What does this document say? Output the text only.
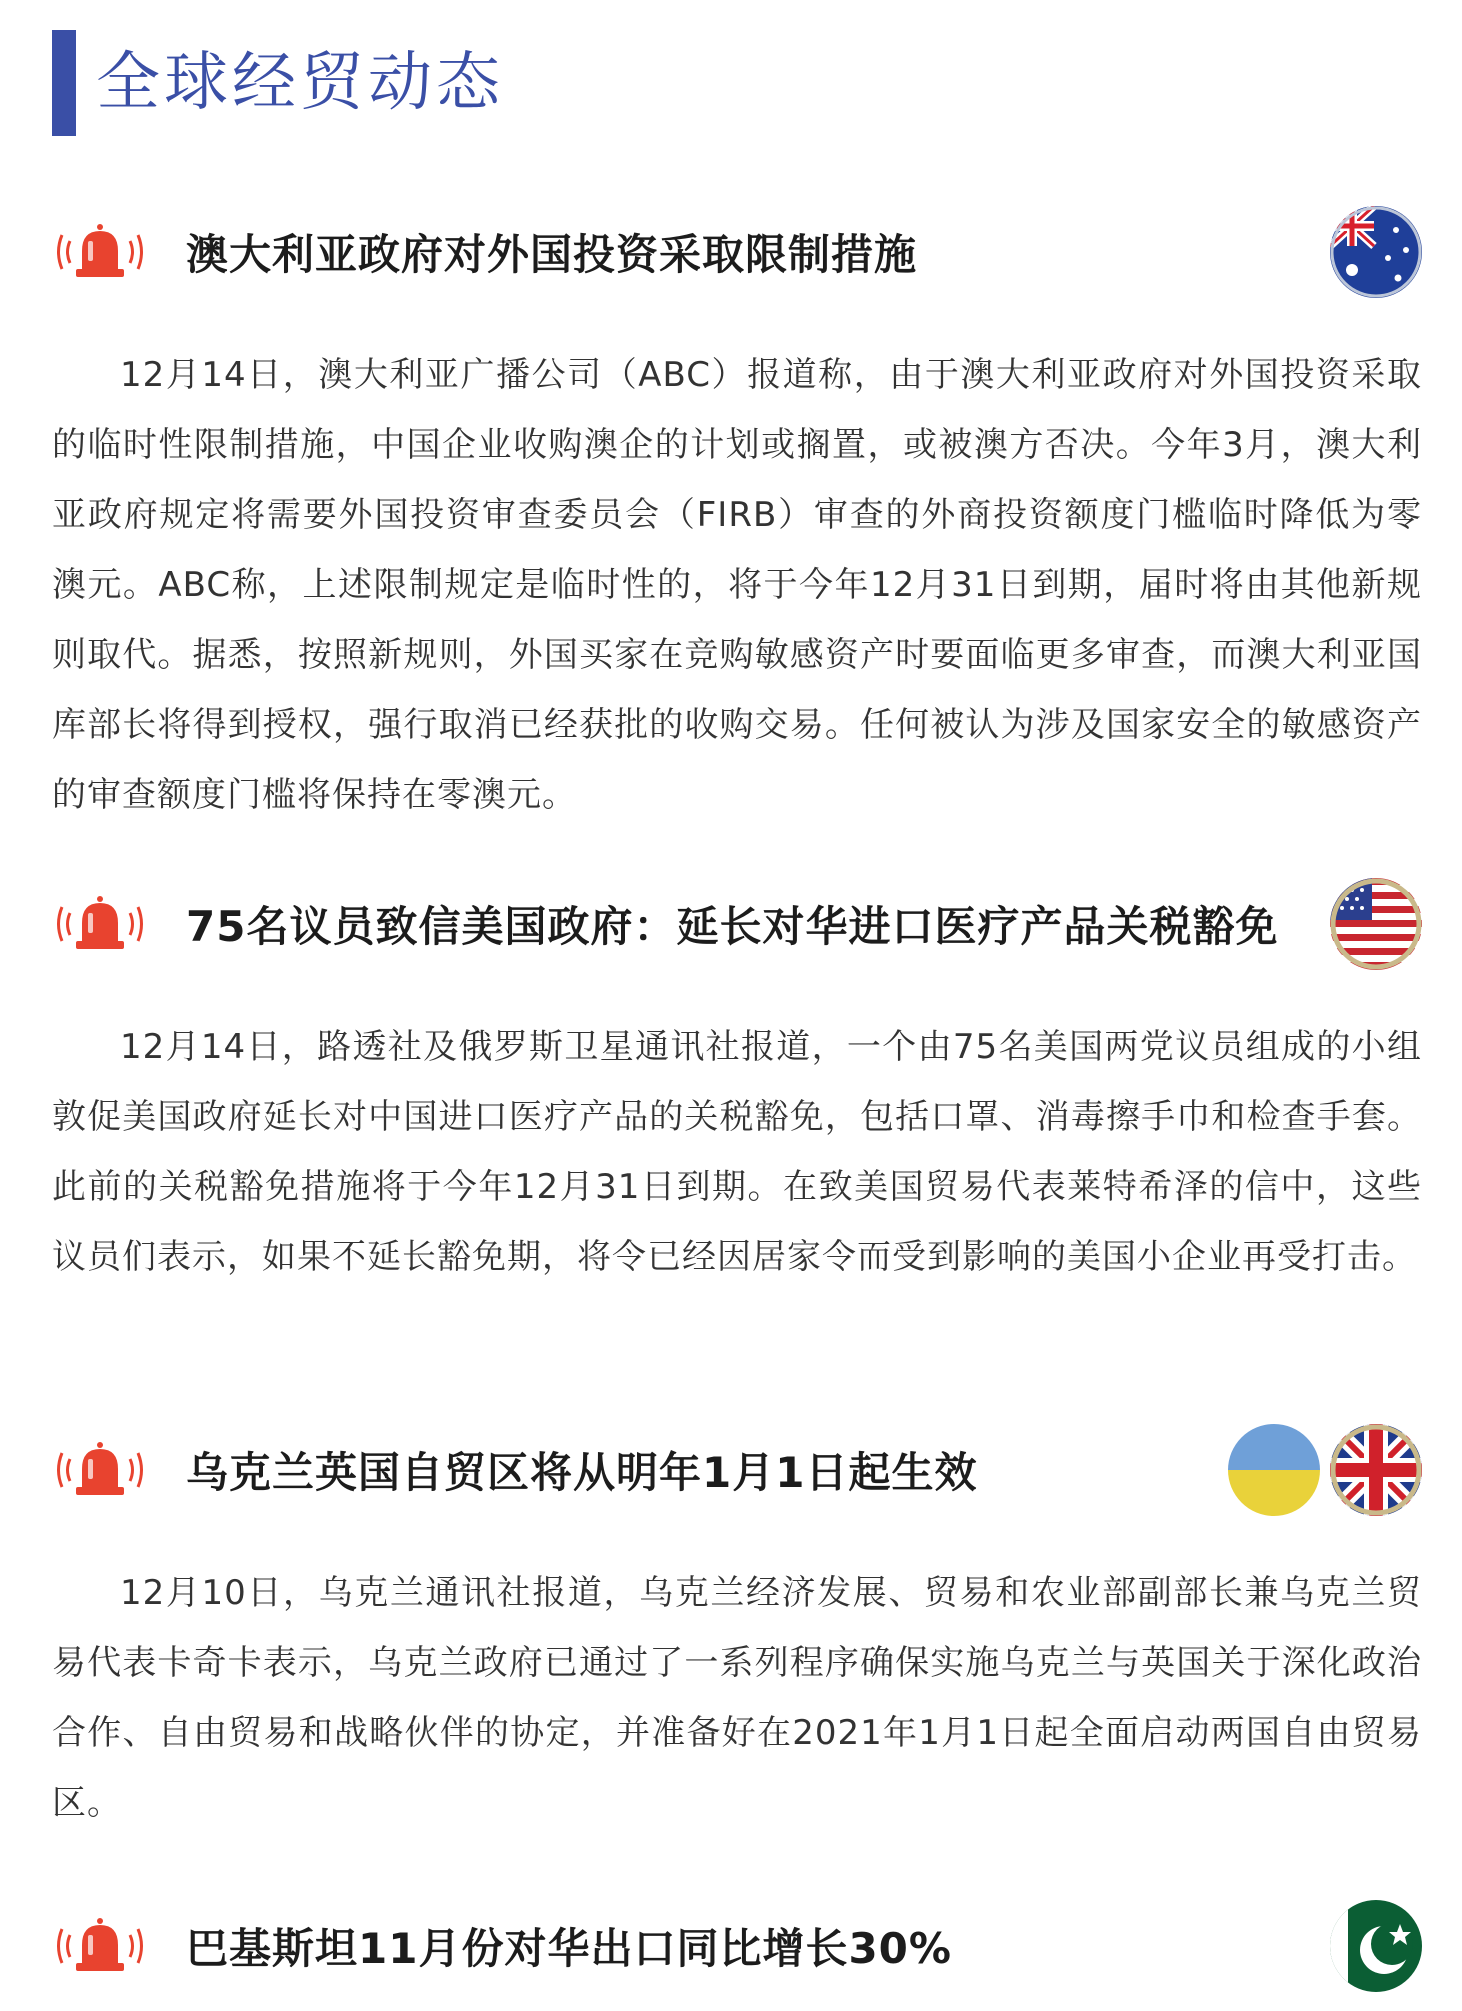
全球经贸动态
澳大利亚政府对外国投资采取限制措施
12月14日，澳大利亚广播公司（ABC）报道称，由于澳大利亚政府对外国投资采取的临时性限制措施，中国企业收购澳企的计划或搁置，或被澳方否决。今年3月，澳大利亚政府规定将需要外国投资审查委员会（FIRB）审查的外商投资额度门槛临时降低为零澳元。ABC称，上述限制规定是临时性的，将于今年12月31日到期，届时将由其他新规则取代。据悉，按照新规则，外国买家在竞购敏感资产时要面临更多审查，而澳大利亚国库部长将得到授权，强行取消已经获批的收购交易。任何被认为涉及国家安全的敏感资产的审查额度门槛将保持在零澳元。
75名议员致信美国政府：延长对华进口医疗产品关税豁免
12月14日，路透社及俄罗斯卫星通讯社报道，一个由75名美国两党议员组成的小组敦促美国政府延长对中国进口医疗产品的关税豁免，包括口罩、消毒擦手巾和检查手套。此前的关税豁免措施将于今年12月31日到期。在致美国贸易代表莱特希泽的信中，这些议员们表示，如果不延长豁免期，将令已经因居家令而受到影响的美国小企业再受打击。
乌克兰英国自贸区将从明年1月1日起生效
12月10日，乌克兰通讯社报道，乌克兰经济发展、贸易和农业部副部长兼乌克兰贸易代表卡奇卡表示，乌克兰政府已通过了一系列程序确保实施乌克兰与英国关于深化政治合作、自由贸易和战略伙伴的协定，并准备好在2021年1月1日起全面启动两国自由贸易区。
巴基斯坦11月份对华出口同比增长30%
